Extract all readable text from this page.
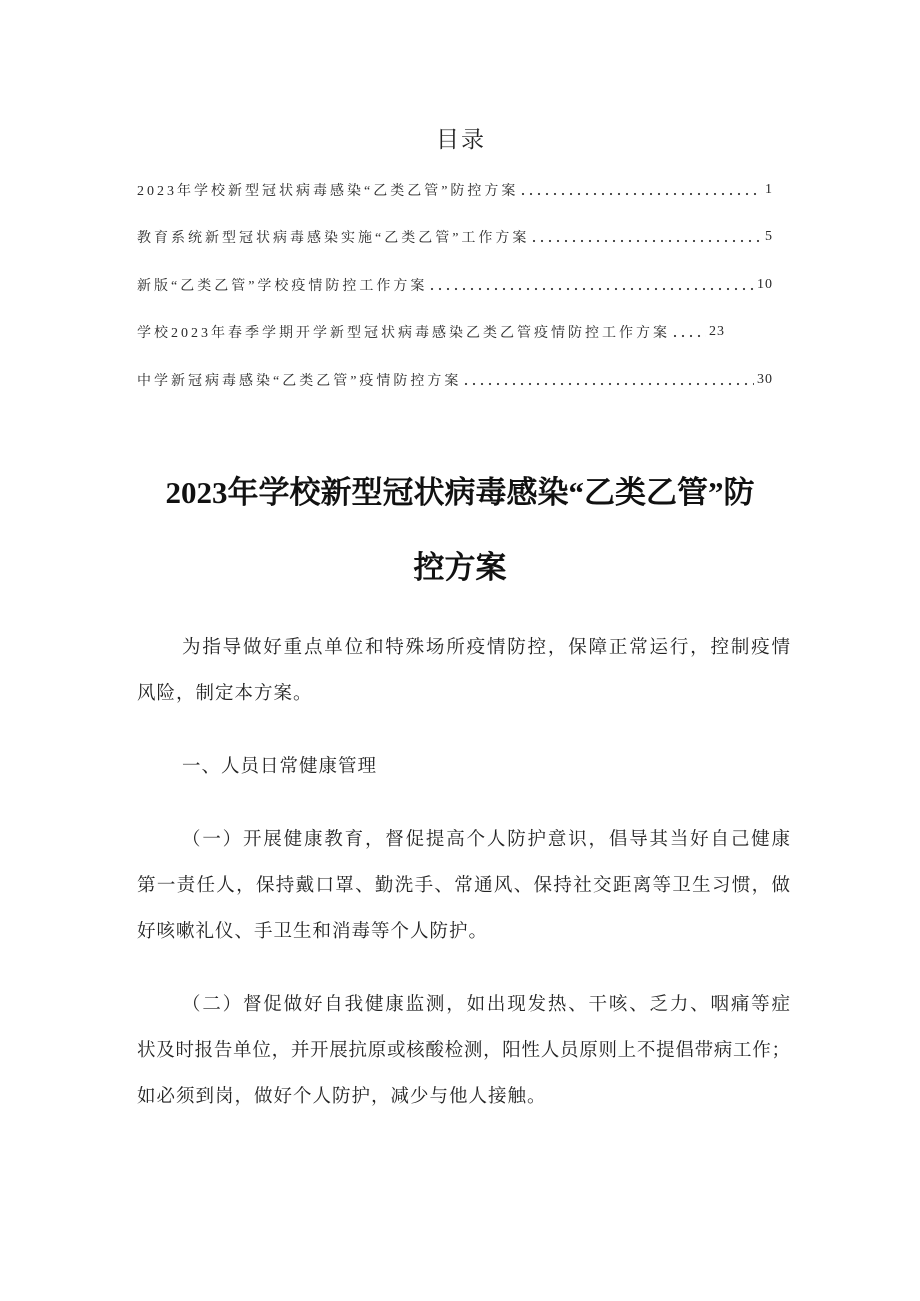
目录
2023年学校新型冠状病毒感染“乙类乙管”防控方案	1
教育系统新型冠状病毒感染实施“乙类乙管”工作方案	5
新版“乙类乙管”学校疫情防控工作方案	10
学校2023年春季学期开学新型冠状病毒感染乙类乙管疫情防控工作方案	23
中学新冠病毒感染“乙类乙管”疫情防控方案	30
2023年学校新型冠状病毒感染“乙类乙管”防
控方案

为指导做好重点单位和特殊场所疫情防控，保障正常运行，控制疫情
风险，制定本方案。

一、人员日常健康管理

（一）开展健康教育，督促提高个人防护意识，倡导其当好自己健康
第一责任人，保持戴口罩、勤洗手、常通风、保持社交距离等卫生习惯，做
好咳嗽礼仪、手卫生和消毒等个人防护。

（二）督促做好自我健康监测，如出现发热、干咳、乏力、咽痛等症
状及时报告单位，并开展抗原或核酸检测，阳性人员原则上不提倡带病工作；
如必须到岗，做好个人防护，减少与他人接触。
